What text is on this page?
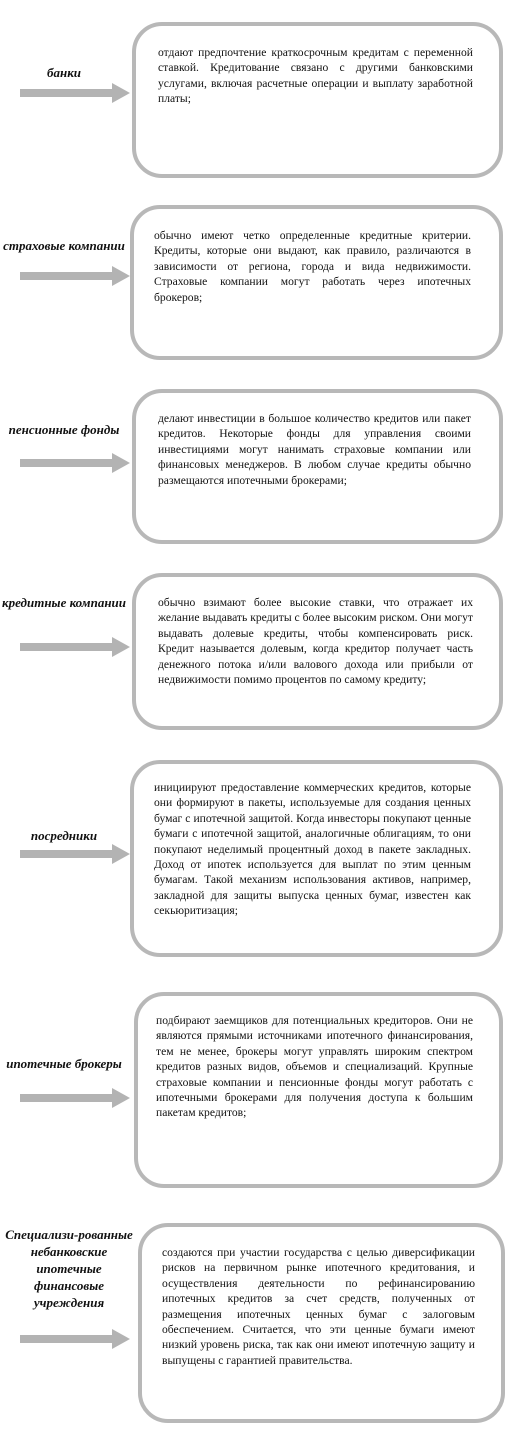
банки

отдают предпочтение краткосрочным кредитам с переменной ставкой. Кредитование связано с другими банковскими услугами, включая расчетные операции и выплату заработной платы;

страховые компании

обычно имеют четко определенные кредитные критерии. Кредиты, которые они выдают, как правило, различаются в зависимости от региона, города и вида недвижимости. Страховые компании могут работать через ипотечных брокеров;

пенсионные фонды

делают инвестиции в большое количество кредитов или пакет кредитов. Некоторые фонды для управления своими инвестициями могут нанимать страховые компании или финансовых менеджеров. В любом случае кредиты обычно размещаются ипотечными брокерами;

кредитные компании	обычно взимают более высокие ставки, что отражает их желание выдавать кредиты с более высоким риском. Они могут выдавать долевые кредиты, чтобы компенсировать риск. Кредит называется долевым, когда кредитор получает часть денежного потока и/или валового дохода или прибыли от недвижимости помимо процентов по самому кредиту;

посредники

инициируют предоставление коммерческих кредитов, которые они формируют в пакеты, используемые для создания ценных бумаг с ипотечной защитой. Когда инвесторы покупают ценные бумаги с ипотечной защитой, аналогичные облигациям, то они покупают неделимый процентный доход в пакете закладных. Доход от ипотек используется для выплат по этим ценным бумагам. Такой механизм использования активов, например, закладной для защиты выпуска ценных бумаг, известен как секьюритизация;

ипотечные брокеры

подбирают заемщиков для потенциальных кредиторов. Они не являются прямыми источниками ипотечного финансирования, тем не менее, брокеры могут управлять широким спектром кредитов разных видов, объемов и специализаций. Крупные страховые компании и пенсионные фонды могут работать с ипотечными брокерами для получения доступа к большим пакетам кредитов;

Специализи-рованные небанковские ипотечные финансовые учреждения

создаются при участии государства с целью диверсификации рисков на первичном рынке ипотечного кредитования, и осуществления деятельности по рефинансированию ипотечных кредитов за счет средств, полученных от размещения ипотечных ценных бумаг с залоговым обеспечением. Считается, что эти ценные бумаги имеют низкий уровень риска, так как они имеют ипотечную защиту и выпущены с гарантией правительства.
